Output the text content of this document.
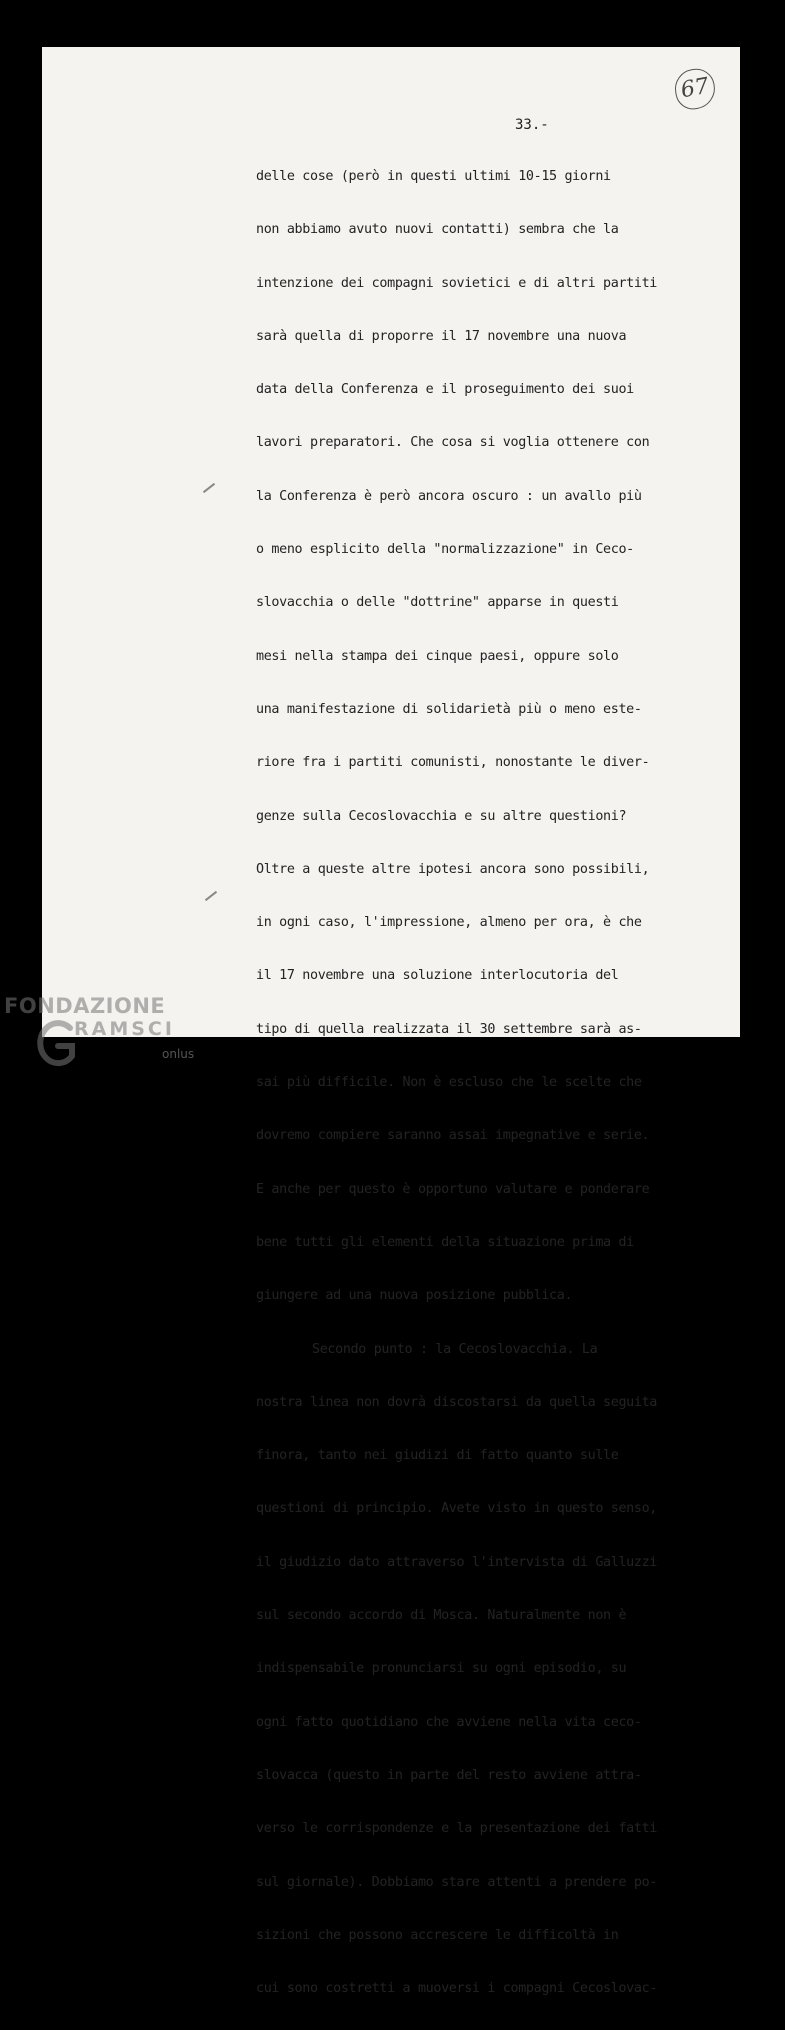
67
33.-

delle cose (però in questi ultimi 10-15 giorni

non abbiamo avuto nuovi contatti) sembra che la

intenzione dei compagni sovietici e di altri partiti

sarà quella di proporre il 17 novembre una nuova

data della Conferenza e il proseguimento dei suoi

lavori preparatori. Che cosa si voglia ottenere con

la Conferenza è però ancora oscuro : un avallo più

o meno esplicito della "normalizzazione" in Ceco-

slovacchia o delle "dottrine" apparse in questi

mesi nella stampa dei cinque paesi, oppure solo

una manifestazione di solidarietà più o meno este-

riore fra i partiti comunisti, nonostante le diver-

genze sulla Cecoslovacchia e su altre questioni?

Oltre a queste altre ipotesi ancora sono possibili,

in ogni caso, l'impressione, almeno per ora, è che

il 17 novembre una soluzione interlocutoria del

tipo di quella realizzata il 30 settembre sarà as-

sai più difficile. Non è escluso che le scelte che

dovremo compiere saranno assai impegnative e serie.

E anche per questo è opportuno valutare e ponderare

bene tutti gli elementi della situazione prima di

giungere ad una nuova posizione pubblica.

Secondo punto : la Cecoslovacchia. La

nostra linea non dovrà discostarsi da quella seguita

finora, tanto nei giudizi di fatto quanto sulle

questioni di principio. Avete visto in questo senso,

il giudizio dato attraverso l'intervista di Galluzzi

sul secondo accordo di Mosca. Naturalmente non è

indispensabile pronunciarsi su ogni episodio, su

ogni fatto quotidiano che avviene nella vita ceco-

slovacca (questo in parte del resto avviene attra-

verso le corrispondenze e la presentazione dei fatti

sul giornale). Dobbiamo stare attenti a prendere po-

sizioni che possono accrescere le difficoltà in

cui sono costretti a muoversi i compagni Cecoslovac-

FONDAZIONE
RAMSCI
onlus
